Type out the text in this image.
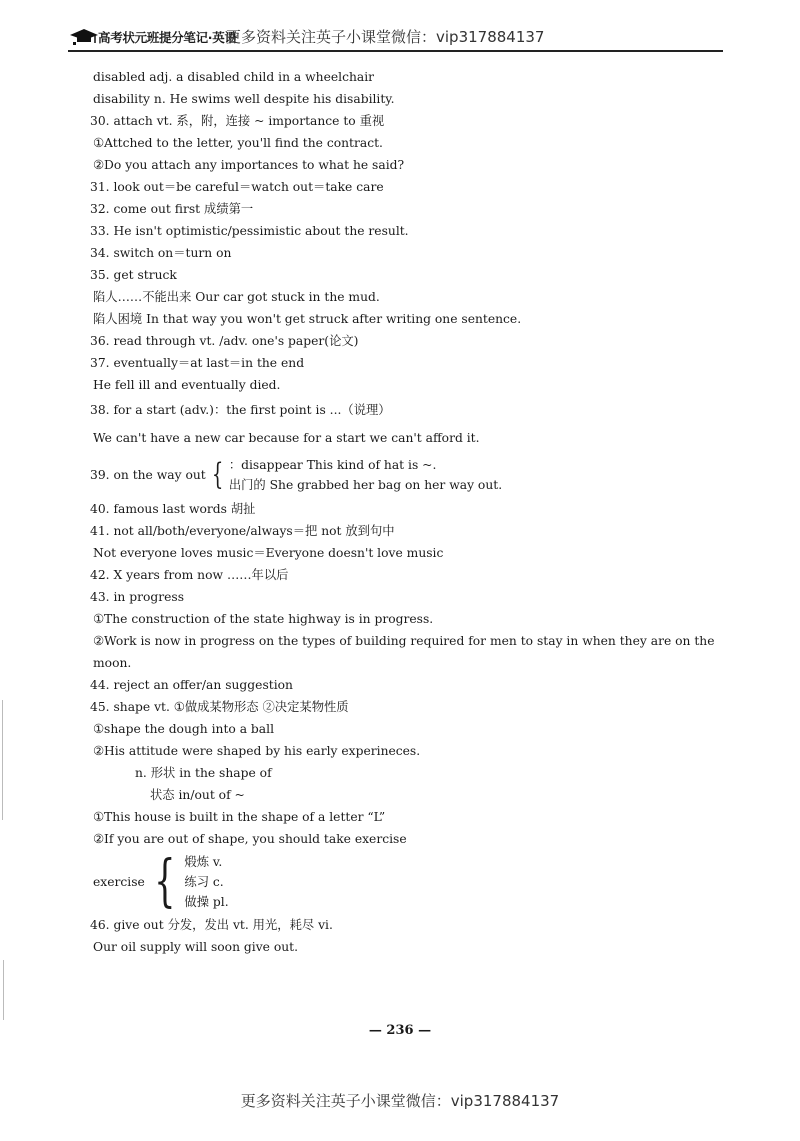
高考状元班提分笔记·英语
更多资料关注英子小课堂微信：vip317884137
disabled adj. a disabled child in a wheelchair
disability n. He swims well despite his disability.
30. attach vt. 系，附，连接 ~ importance to 重视
①Attched to the letter, you'll find the contract.
②Do you attach any importances to what he said?
31. look out＝be careful＝watch out＝take care
32. come out first 成绩第一
33. He isn't optimistic/pessimistic about the result.
34. switch on＝turn on
35. get struck
陷人……不能出来 Our car got stuck in the mud.
陷人困境 In that way you won't get struck after writing one sentence.
36. read through vt. /adv. one's paper(论文)
37. eventually＝at last＝in the end
He fell ill and eventually died.
38. for a start (adv.)：the first point is ...（说理）
We can't have a new car because for a start we can't afford it.
39. on the way out { ：disappear This kind of hat is ~.
出门的 She grabbed her bag on her way out.
40. famous last words 胡扯
41. not all/both/everyone/always＝把 not 放到句中
Not everyone loves music＝Everyone doesn't love music
42. X years from now ……年以后
43. in progress
①The construction of the state highway is in progress.
②Work is now in progress on the types of building required for men to stay in when they are on the
moon.
44. reject an offer/an suggestion
45. shape vt. ①做成某物形态 ②决定某物性质
①shape the dough into a ball
②His attitude were shaped by his early experineces.
n. 形状 in the shape of
状态 in/out of ~
①This house is built in the shape of a letter “L”
②If you are out of shape, you should take exercise
exercise { 煅炼 v.
练习 c.
做操 pl.
46. give out 分发，发出 vt. 用光，耗尽 vi.
Our oil supply will soon give out.
— 236 —
更多资料关注英子小课堂微信：vip317884137
